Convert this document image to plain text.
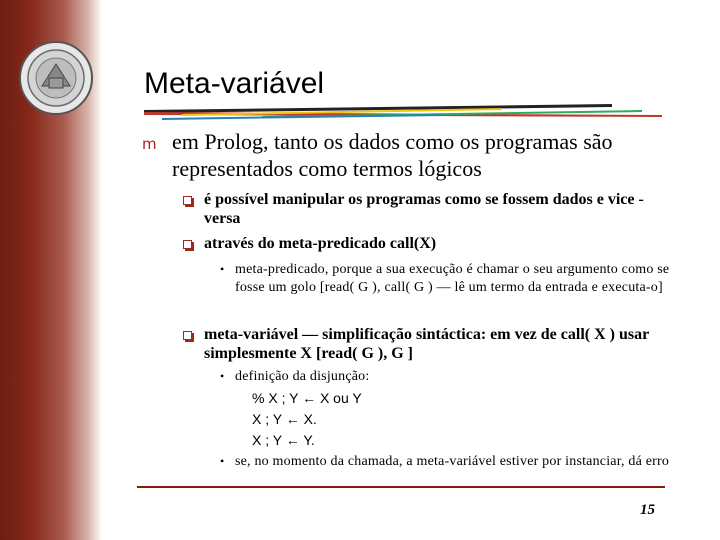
Meta-variável
m em Prolog, tanto os dados como os programas são representados como termos lógicos
é possível manipular os programas como se fossem dados e vice -versa
através do meta-predicado call(X)
• meta-predicado, porque a sua execução é chamar o seu argumento como se fosse um golo [read( G ), call( G ) — lê um termo da entrada e executa-o]
meta-variável — simplificação sintáctica: em vez de call( X ) usar simplesmente X [read( G ), G ]
• definição da disjunção:
% X ; Y ← X ou Y
X ; Y ← X.
X ; Y ← Y.
• se, no momento da chamada, a meta-variável estiver por instanciar, dá erro
15
